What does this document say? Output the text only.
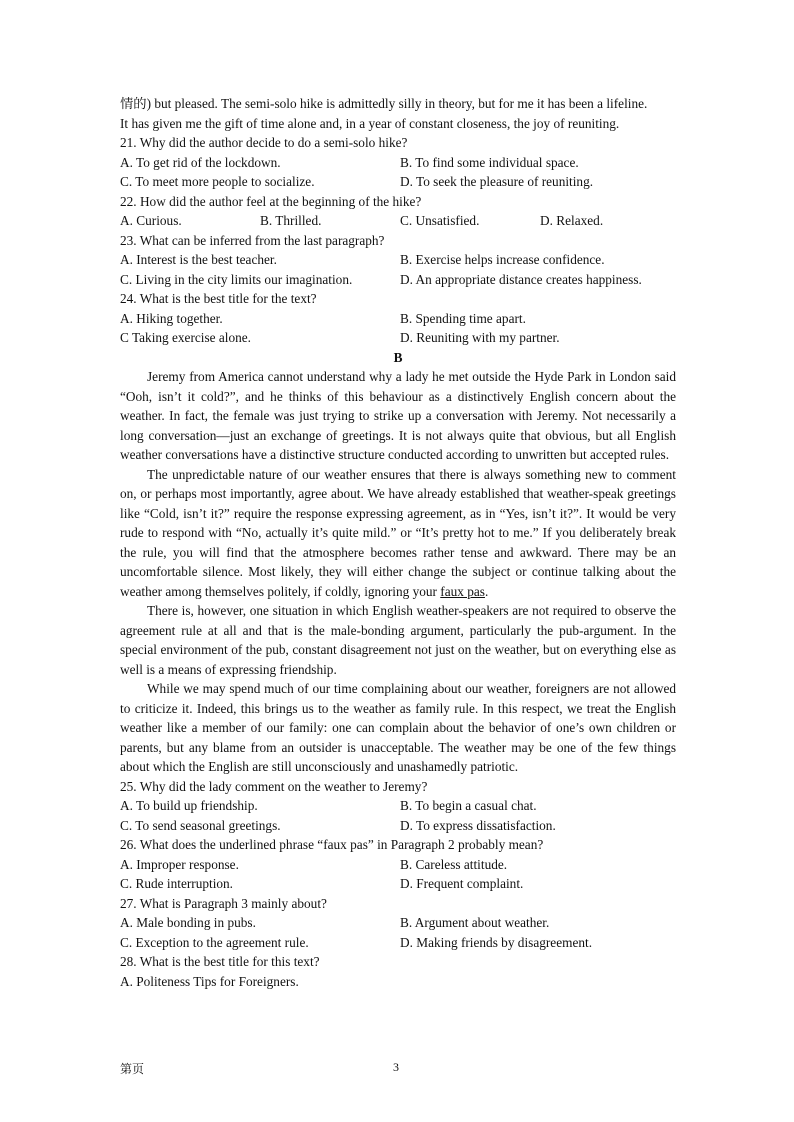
情的) but pleased. The semi-solo hike is admittedly silly in theory, but for me it has been a lifeline.
It has given me the gift of time alone and, in a year of constant closeness, the joy of reuniting.
21. Why did the author decide to do a semi-solo hike?
A. To get rid of the lockdown.	B. To find some individual space.
C. To meet more people to socialize.	D. To seek the pleasure of reuniting.
22. How did the author feel at the beginning of the hike?
A. Curious.	B. Thrilled.	C. Unsatisfied.	D. Relaxed.
23. What can be inferred from the last paragraph?
A. Interest is the best teacher.	B. Exercise helps increase confidence.
C. Living in the city limits our imagination.	D. An appropriate distance creates happiness.
24. What is the best title for the text?
A. Hiking together.	B. Spending time apart.
C Taking exercise alone.	D. Reuniting with my partner.
B
Jeremy from America cannot understand why a lady he met outside the Hyde Park in London said “Ooh, isn’t it cold?”, and he thinks of this behaviour as a distinctively English concern about the weather. In fact, the female was just trying to strike up a conversation with Jeremy. Not necessarily a long conversation—just an exchange of greetings. It is not always quite that obvious, but all English weather conversations have a distinctive structure conducted according to unwritten but accepted rules.
The unpredictable nature of our weather ensures that there is always something new to comment on, or perhaps most importantly, agree about. We have already established that weather-speak greetings like “Cold, isn’t it?” require the response expressing agreement, as in “Yes, isn’t it?”. It would be very rude to respond with “No, actually it’s quite mild.” or “It’s pretty hot to me.” If you deliberately break the rule, you will find that the atmosphere becomes rather tense and awkward. There may be an uncomfortable silence. Most likely, they will either change the subject or continue talking about the weather among themselves politely, if coldly, ignoring your faux pas.
There is, however, one situation in which English weather-speakers are not required to observe the agreement rule at all and that is the male-bonding argument, particularly the pub-argument. In the special environment of the pub, constant disagreement not just on the weather, but on everything else as well is a means of expressing friendship.
While we may spend much of our time complaining about our weather, foreigners are not allowed to criticize it. Indeed, this brings us to the weather as family rule. In this respect, we treat the English weather like a member of our family: one can complain about the behavior of one’s own children or parents, but any blame from an outsider is unacceptable. The weather may be one of the few things about which the English are still unconsciously and unashamedly patriotic.
25. Why did the lady comment on the weather to Jeremy?
A. To build up friendship.	B. To begin a casual chat.
C. To send seasonal greetings.	D. To express dissatisfaction.
26. What does the underlined phrase “faux pas” in Paragraph 2 probably mean?
A. Improper response.	B. Careless attitude.
C. Rude interruption.	D. Frequent complaint.
27. What is Paragraph 3 mainly about?
A. Male bonding in pubs.	B. Argument about weather.
C. Exception to the agreement rule.	D. Making friends by disagreement.
28. What is the best title for this text?
A. Politeness Tips for Foreigners.
第页	3
